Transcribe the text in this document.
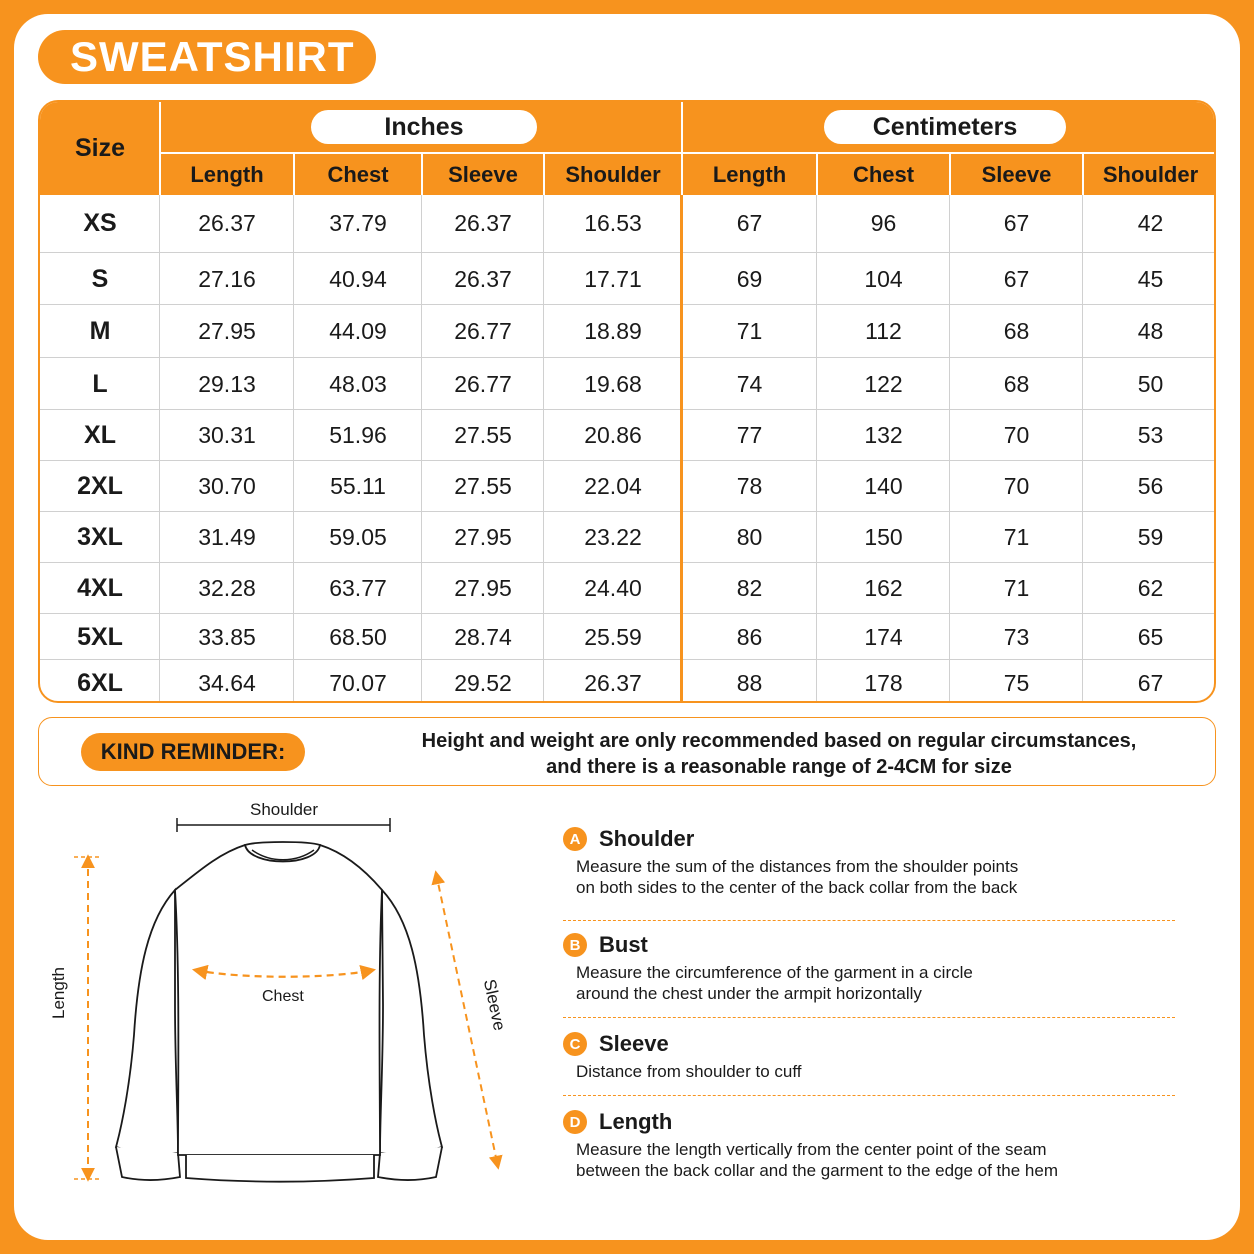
SWEATSHIRT
Size
Inches	Centimeters
Length	Chest	Sleeve	Shoulder	Length	Chest	Sleeve	Shoulder
XS	26.37	37.79	26.37	16.53	67	96	67	42
S	27.16	40.94	26.37	17.71	69	104	67	45
M	27.95	44.09	26.77	18.89	71	112	68	48
L	29.13	48.03	26.77	19.68	74	122	68	50
XL	30.31	51.96	27.55	20.86	77	132	70	53
2XL	30.70	55.11	27.55	22.04	78	140	70	56
3XL	31.49	59.05	27.95	23.22	80	150	71	59
4XL	32.28	63.77	27.95	24.40	82	162	71	62
5XL	33.85	68.50	28.74	25.59	86	174	73	65
6XL	34.64	70.07	29.52	26.37	88	178	75	67
KIND REMINDER:	Height and weight are only recommended based on regular circumstances,
and there is a reasonable range of 2-4CM for size
Shoulder
Chest
Length	Sleeve
A Shoulder
Measure the sum of the distances from the shoulder points
on both sides to the center of the back collar from the back
B Bust
Measure the circumference of the garment in a circle
around the chest under the armpit horizontally
C Sleeve
Distance from shoulder to cuff
D Length
Measure the length vertically from the center point of the seam
between the back collar and the garment to the edge of the hem
